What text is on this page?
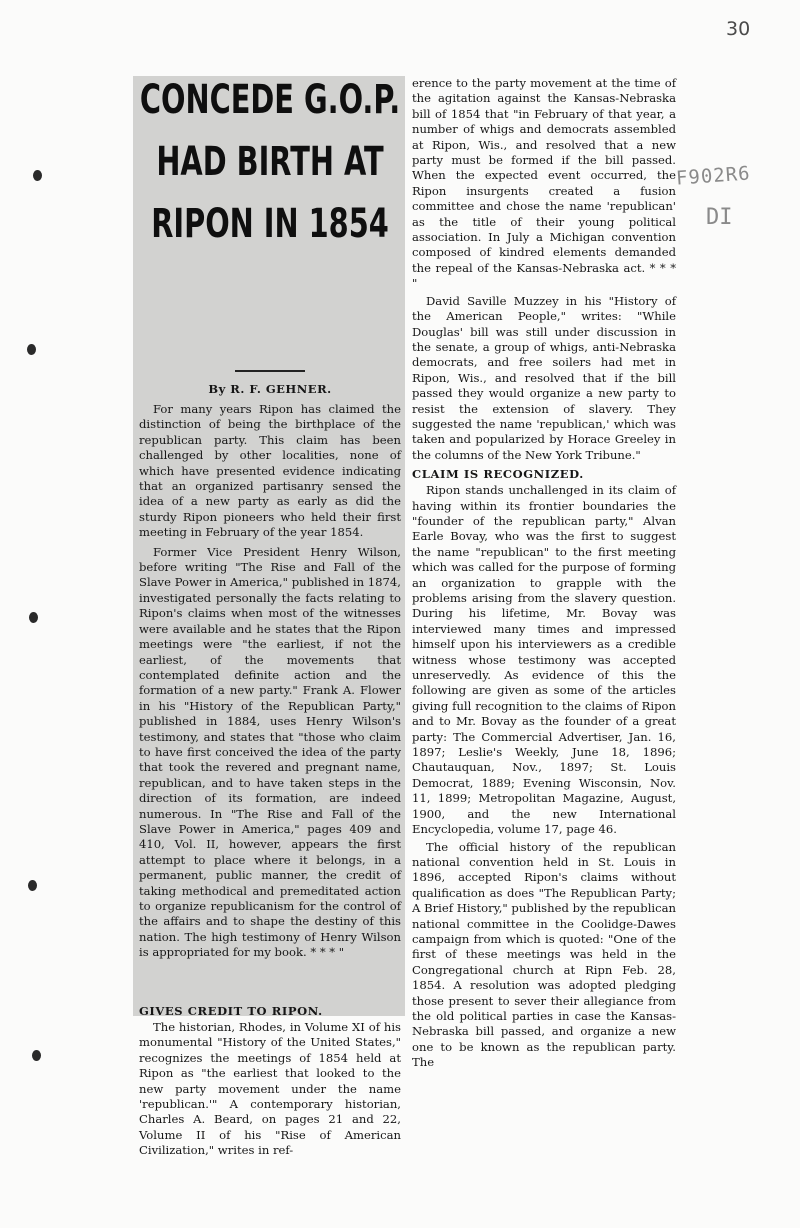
30
F902R6
DI
CONCEDE G.O.P.
HAD BIRTH AT
RIPON IN 1854
By R. F. GEHNER.

For many years Ripon has claimed the distinction of being the birthplace of the republican party. This claim has been challenged by other localities, none of which have presented evidence indicating that an organized partisanry sensed the idea of a new party as early as did the sturdy Ripon pioneers who held their first meeting in February of the year 1854.

Former Vice President Henry Wilson, before writing "The Rise and Fall of the Slave Power in America," published in 1874, investigated personally the facts relating to Ripon's claims when most of the witnesses were available and he states that the Ripon meetings were "the earliest, if not the earliest, of the movements that contemplated definite action and the formation of a new party." Frank A. Flower in his "History of the Republican Party," published in 1884, uses Henry Wilson's testimony, and states that "those who claim to have first conceived the idea of the party that took the revered and pregnant name, republican, and to have taken steps in the direction of its formation, are indeed numerous. In "The Rise and Fall of the Slave Power in America," pages 409 and 410, Vol. II, however, appears the first attempt to place where it belongs, in a permanent, public manner, the credit of taking methodical and premeditated action to organize republicanism for the control of the affairs and to shape the destiny of this nation. The high testimony of Henry Wilson is appropriated for my book. * * * "

GIVES CREDIT TO RIPON.

The historian, Rhodes, in Volume XI of his monumental "History of the United States," recognizes the meetings of 1854 held at Ripon as "the earliest that looked to the new party movement under the name 'republican.'" A contemporary historian, Charles A. Beard, on pages 21 and 22, Volume II of his "Rise of American Civilization," writes in ref-

erence to the party movement at the time of the agitation against the Kansas-Nebraska bill of 1854 that "in February of that year, a number of whigs and democrats assembled at Ripon, Wis., and resolved that a new party must be formed if the bill passed. When the expected event occurred, the Ripon insurgents created a fusion committee and chose the name 'republican' as the title of their young political association. In July a Michigan convention composed of kindred elements demanded the repeal of the Kansas-Nebraska act. * * * "

David Saville Muzzey in his "History of the American People," writes: "While Douglas' bill was still under discussion in the senate, a group of whigs, anti-Nebraska democrats, and free soilers had met in Ripon, Wis., and resolved that if the bill passed they would organize a new party to resist the extension of slavery. They suggested the name 'republican,' which was taken and popularized by Horace Greeley in the columns of the New York Tribune."

CLAIM IS RECOGNIZED.

Ripon stands unchallenged in its claim of having within its frontier boundaries the "founder of the republican party," Alvan Earle Bovay, who was the first to suggest the name "republican" to the first meeting which was called for the purpose of forming an organization to grapple with the problems arising from the slavery question. During his lifetime, Mr. Bovay was interviewed many times and impressed himself upon his interviewers as a credible witness whose testimony was accepted unreservedly. As evidence of this the following are given as some of the articles giving full recognition to the claims of Ripon and to Mr. Bovay as the founder of a great party: The Commercial Advertiser, Jan. 16, 1897; Leslie's Weekly, June 18, 1896; Chautauquan, Nov., 1897; St. Louis Democrat, 1889; Evening Wisconsin, Nov. 11, 1899; Metropolitan Magazine, August, 1900, and the new International Encyclopedia, volume 17, page 46.

The official history of the republican national convention held in St. Louis in 1896, accepted Ripon's claims without qualification as does "The Republican Party; A Brief History," published by the republican national committee in the Coolidge-Dawes campaign from which is quoted: "One of the first of these meetings was held in the Congregational church at Ripn Feb. 28, 1854. A resolution was adopted pledging those present to sever their allegiance from the old political parties in case the Kansas-Nebraska bill passed, and organize a new one to be known as the republican party. The
